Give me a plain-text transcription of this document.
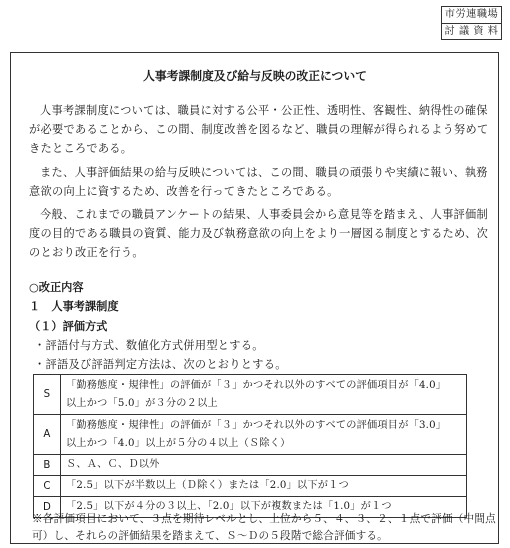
市労連職場
討 議 資 料
人事考課制度及び給与反映の改正について
人事考課制度については、職員に対する公平・公正性、透明性、客観性、納得性の確保が必要であることから、この間、制度改善を図るなど、職員の理解が得られるよう努めてきたところである。
また、人事評価結果の給与反映については、この間、職員の頑張りや実績に報い、執務意欲の向上に資するため、改善を行ってきたところである。
今般、これまでの職員アンケートの結果、人事委員会から意見等を踏まえ、人事評価制度の目的である職員の資質、能力及び執務意欲の向上をより一層図る制度とするため、次のとおり改正を行う。
○改正内容
１　人事考課制度
（１）評価方式
・評語付与方式、数値化方式併用型とする。
・評語及び評語判定方法は、次のとおりとする。
S	「勤務態度・規律性」の評価が「３」かつそれ以外のすべての評価項目が「4.0」
以上かつ「5.0」が３分の２以上

A	「勤務態度・規律性」の評価が「３」かつそれ以外のすべての評価項目が「3.0」
以上かつ「4.0」以上が５分の４以上（Ｓ除く）

B	Ｓ、Ａ、Ｃ、Ｄ以外
C	「2.5」以下が半数以上（Ｄ除く）または「2.0」以下が１つ
D	「2.5」以下が４分の３以上、「2.0」以下が複数または「1.0」が１つ
※各評価項目において、３点を期待レベルとし、上位から５、４、３、２、１点で評価（中間点可）し、それらの評価結果を踏まえて、Ｓ～Ｄの５段階で総合評価する。
